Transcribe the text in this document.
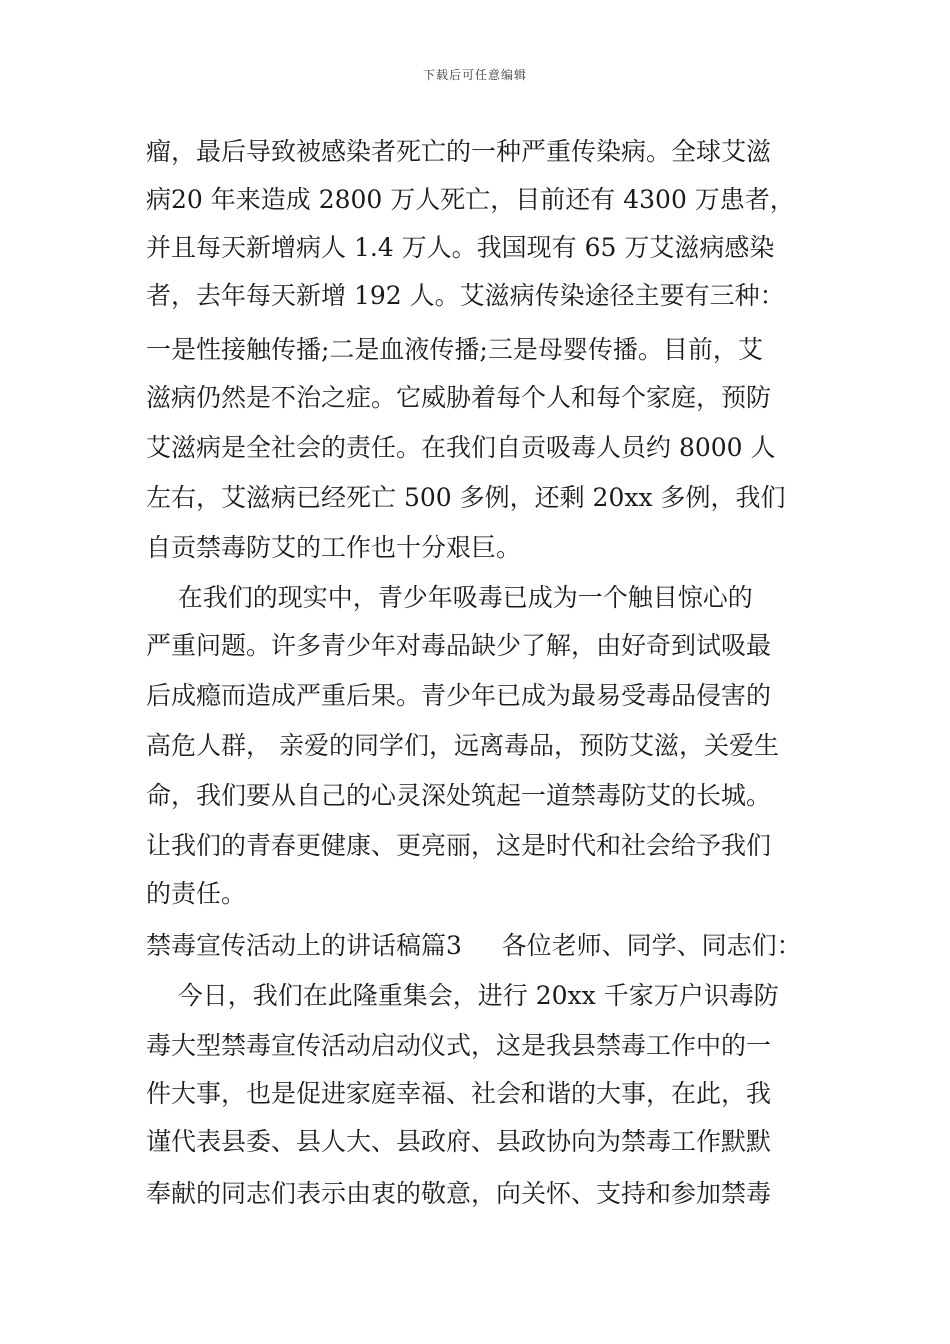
下载后可任意编辑
瘤，最后导致被感染者死亡的一种严重传染病。全球艾滋
病20 年来造成 2800 万人死亡，目前还有 4300 万患者，
并且每天新增病人 1.4 万人。我国现有 65 万艾滋病感染
者，去年每天新增 192 人。艾滋病传染途径主要有三种：
一是性接触传播;二是血液传播;三是母婴传播。目前，艾
滋病仍然是不治之症。它威胁着每个人和每个家庭，预防
艾滋病是全社会的责任。在我们自贡吸毒人员约 8000 人
左右，艾滋病已经死亡 500 多例，还剩 20xx 多例，我们
自贡禁毒防艾的工作也十分艰巨。
在我们的现实中，青少年吸毒已成为一个触目惊心的
严重问题。许多青少年对毒品缺少了解，由好奇到试吸最
后成瘾而造成严重后果。青少年已成为最易受毒品侵害的
高危人群， 亲爱的同学们，远离毒品，预防艾滋，关爱生
命，我们要从自己的心灵深处筑起一道禁毒防艾的长城。
让我们的青春更健康、更亮丽，这是时代和社会给予我们
的责任。
禁毒宣传活动上的讲话稿篇3     各位老师、同学、同志们：
今日，我们在此隆重集会，进行 20xx 千家万户识毒防
毒大型禁毒宣传活动启动仪式，这是我县禁毒工作中的一
件大事，也是促进家庭幸福、社会和谐的大事，在此，我
谨代表县委、县人大、县政府、县政协向为禁毒工作默默
奉献的同志们表示由衷的敬意，向关怀、支持和参加禁毒
